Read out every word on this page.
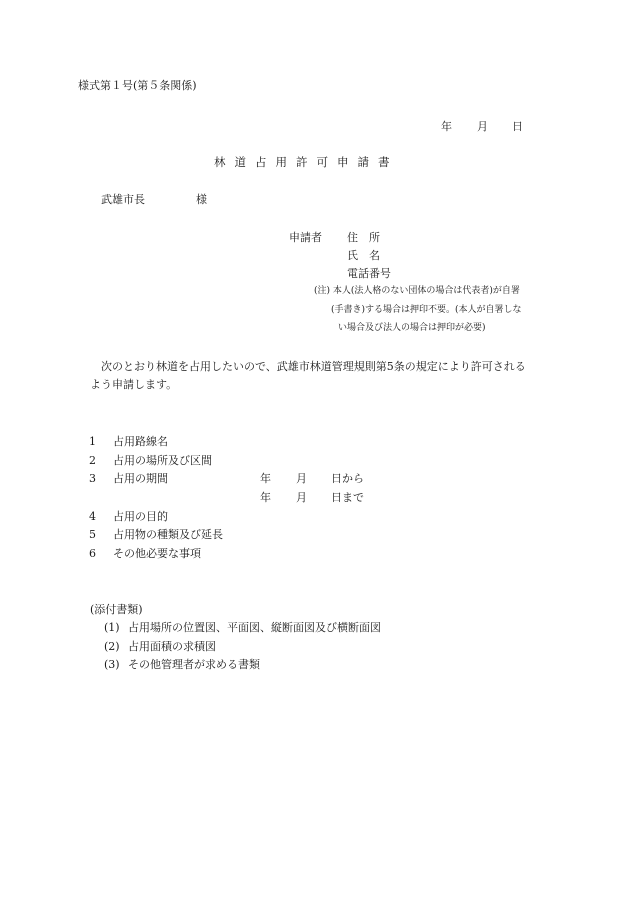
様式第１号(第５条関係)
年 月 日
林道占用許可申請書
武雄市長	様
申請者 住　所
氏　名
電話番号
(注) 本人(法人格のない団体の場合は代表者)が自署
(手書き)する場合は押印不要。(本人が自署しな
い場合及び法人の場合は押印が必要)
次のとおり林道を占用したいので、武雄市林道管理規則第5条の規定により許可される
よう申請します。
1 占用路線名
2 占用の場所及び区間
3 占用の期間	年 月 日から
年 月 日まで
4 占用の目的
5 占用物の種類及び延長
6 その他必要な事項
(添付書類)
(1) 占用場所の位置図、平面図、縦断面図及び横断面図
(2) 占用面積の求積図
(3) その他管理者が求める書類
